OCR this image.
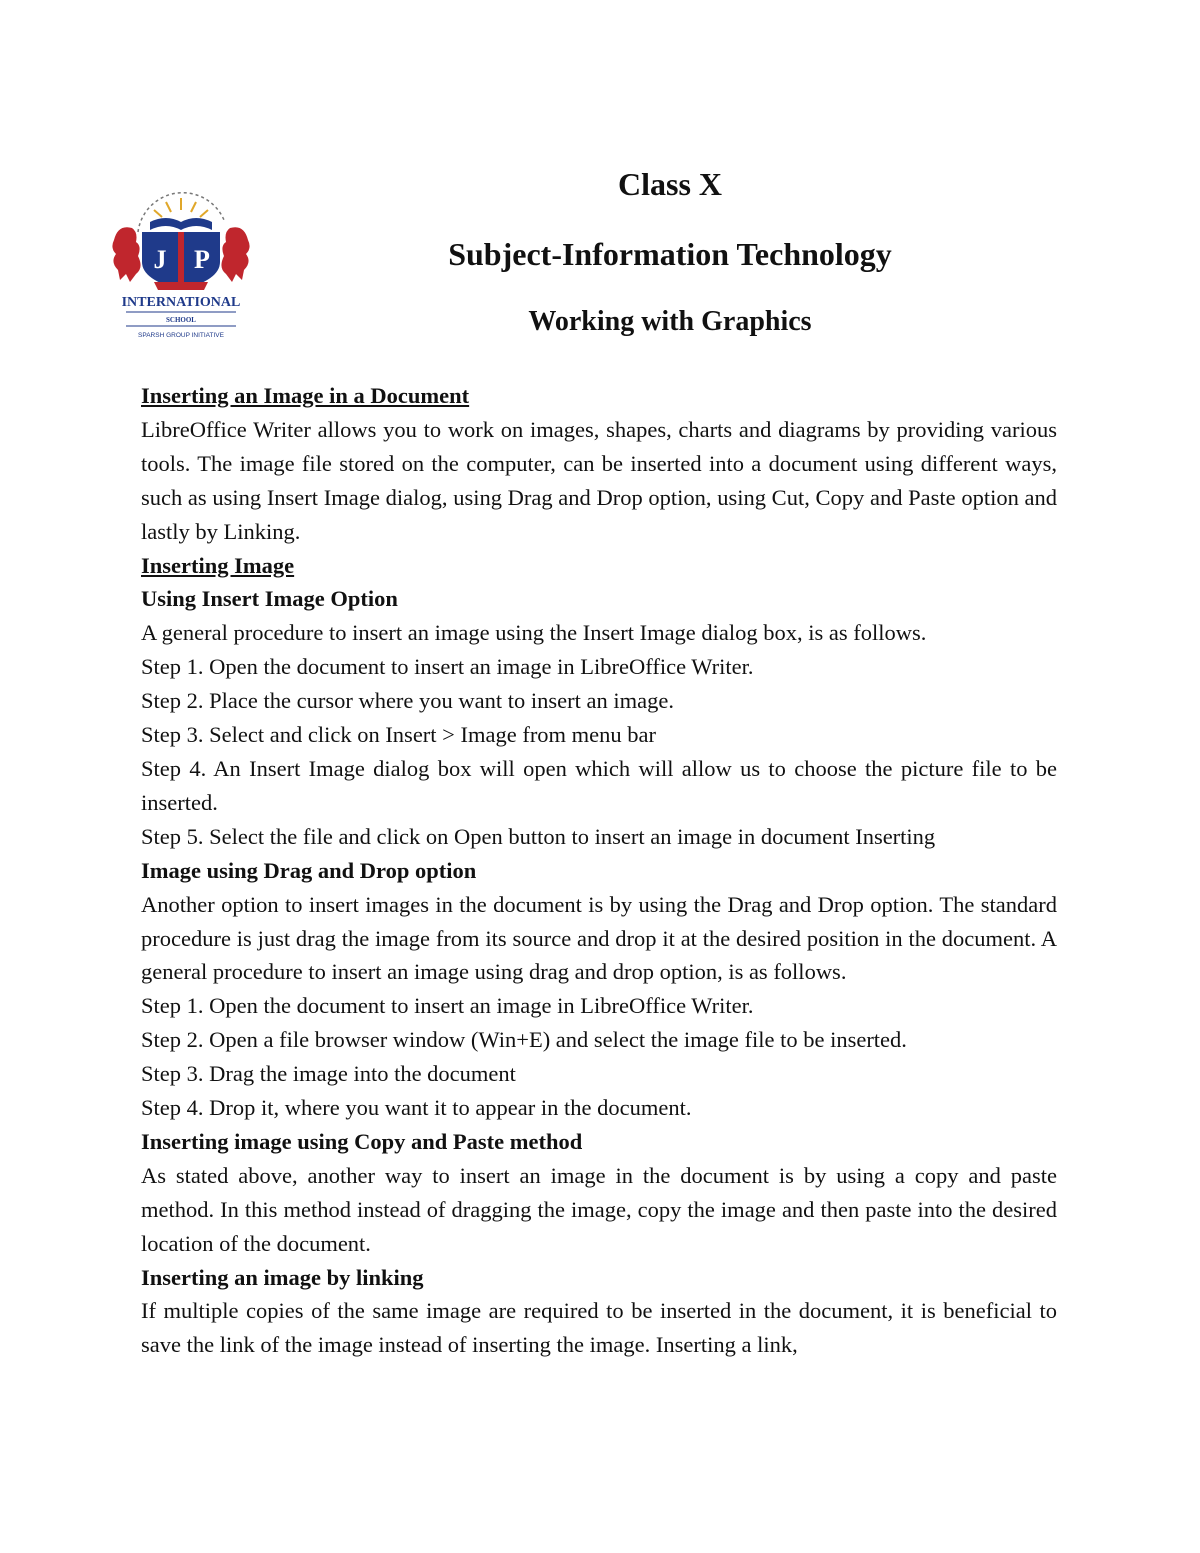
J P
INTERNATIONAL
SCHOOL
SPARSH GROUP INITIATIVE
Class X
Subject-Information Technology
Working with Graphics

Inserting an Image in a Document

LibreOffice Writer allows you to work on images, shapes, charts and diagrams by providing various tools. The image file stored on the computer, can be inserted into a document using different ways, such as using Insert Image dialog, using Drag and Drop option, using Cut, Copy and Paste option and lastly by Linking.

Inserting Image

Using Insert Image Option

A general procedure to insert an image using the Insert Image dialog box, is as follows.

Step 1. Open the document to insert an image in LibreOffice Writer.

Step 2. Place the cursor where you want to insert an image.

Step 3. Select and click on Insert > Image from menu bar

Step 4. An Insert Image dialog box will open which will allow us to choose the picture file to be inserted.

Step 5. Select the file and click on Open button to insert an image in document Inserting

Image using Drag and Drop option

Another option to insert images in the document is by using the Drag and Drop option. The standard procedure is just drag the image from its source and drop it at the desired position in the document. A general procedure to insert an image using drag and drop option, is as follows.

Step 1. Open the document to insert an image in LibreOffice Writer.

Step 2. Open a file browser window (Win+E) and select the image file to be inserted.

Step 3. Drag the image into the document

Step 4. Drop it, where you want it to appear in the document.

Inserting image using Copy and Paste method

As stated above, another way to insert an image in the document is by using a copy and paste method. In this method instead of dragging the image, copy the image and then paste into the desired location of the document.

Inserting an image by linking

If multiple copies of the same image are required to be inserted in the document, it is beneficial to save the link of the image instead of inserting the image. Inserting a link,
